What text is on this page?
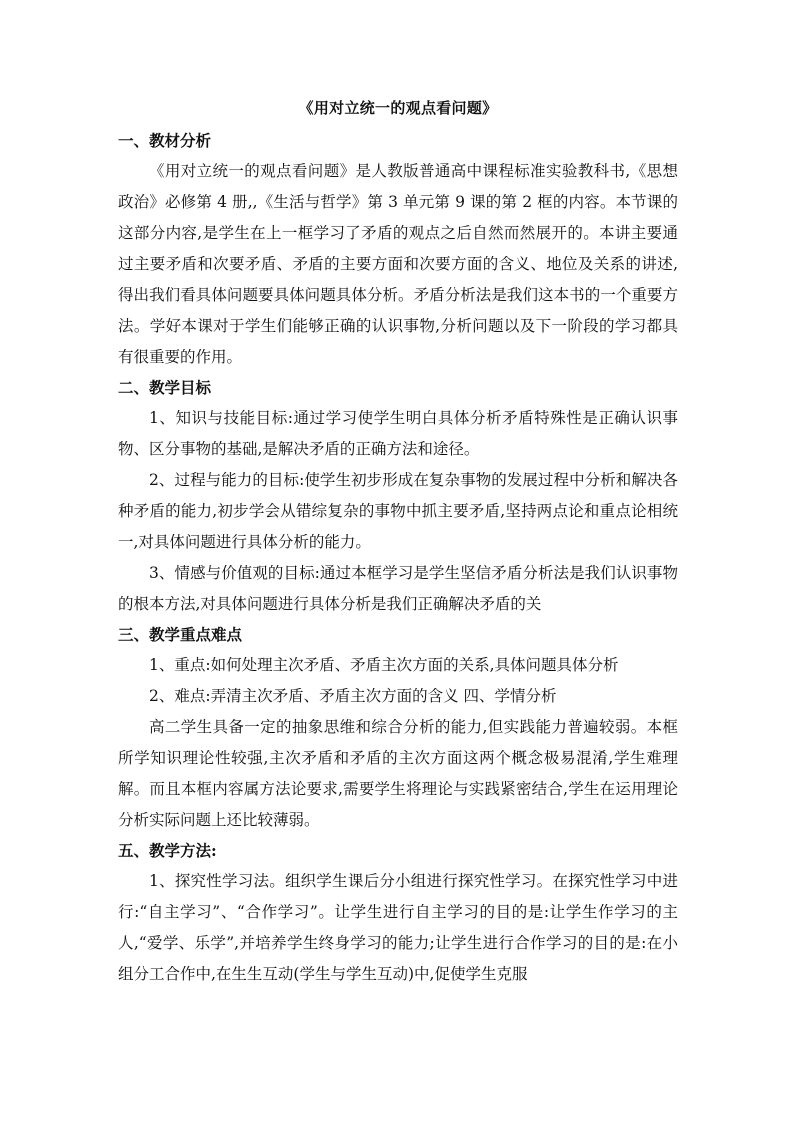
《用对立统一的观点看问题》

一、教材分析

《用对立统一的观点看问题》是人教版普通高中课程标准实验教科书,《思想政治》必修第 4 册,,《生活与哲学》第 3 单元第 9 课的第 2 框的内容。本节课的这部分内容,是学生在上一框学习了矛盾的观点之后自然而然展开的。本讲主要通过主要矛盾和次要矛盾、矛盾的主要方面和次要方面的含义、地位及关系的讲述,得出我们看具体问题要具体问题具体分析。矛盾分析法是我们这本书的一个重要方法。学好本课对于学生们能够正确的认识事物,分析问题以及下一阶段的学习都具有很重要的作用。

二、教学目标

1、知识与技能目标:通过学习使学生明白具体分析矛盾特殊性是正确认识事物、区分事物的基础,是解决矛盾的正确方法和途径。

2、过程与能力的目标:使学生初步形成在复杂事物的发展过程中分析和解决各种矛盾的能力,初步学会从错综复杂的事物中抓主要矛盾,坚持两点论和重点论相统一,对具体问题进行具体分析的能力。

3、情感与价值观的目标:通过本框学习是学生坚信矛盾分析法是我们认识事物的根本方法,对具体问题进行具体分析是我们正确解决矛盾的关

三、教学重点难点

1、重点:如何处理主次矛盾、矛盾主次方面的关系,具体问题具体分析

2、难点:弄清主次矛盾、矛盾主次方面的含义 四、学情分析

高二学生具备一定的抽象思维和综合分析的能力,但实践能力普遍较弱。本框所学知识理论性较强,主次矛盾和矛盾的主次方面这两个概念极易混淆,学生难理解。而且本框内容属方法论要求,需要学生将理论与实践紧密结合,学生在运用理论分析实际问题上还比较薄弱。

五、教学方法:

1、探究性学习法。组织学生课后分小组进行探究性学习。在探究性学习中进行:“自主学习”、“合作学习”。让学生进行自主学习的目的是:让学生作学习的主人,“爱学、乐学”,并培养学生终身学习的能力;让学生进行合作学习的目的是:在小组分工合作中,在生生互动(学生与学生互动)中,促使学生克服
